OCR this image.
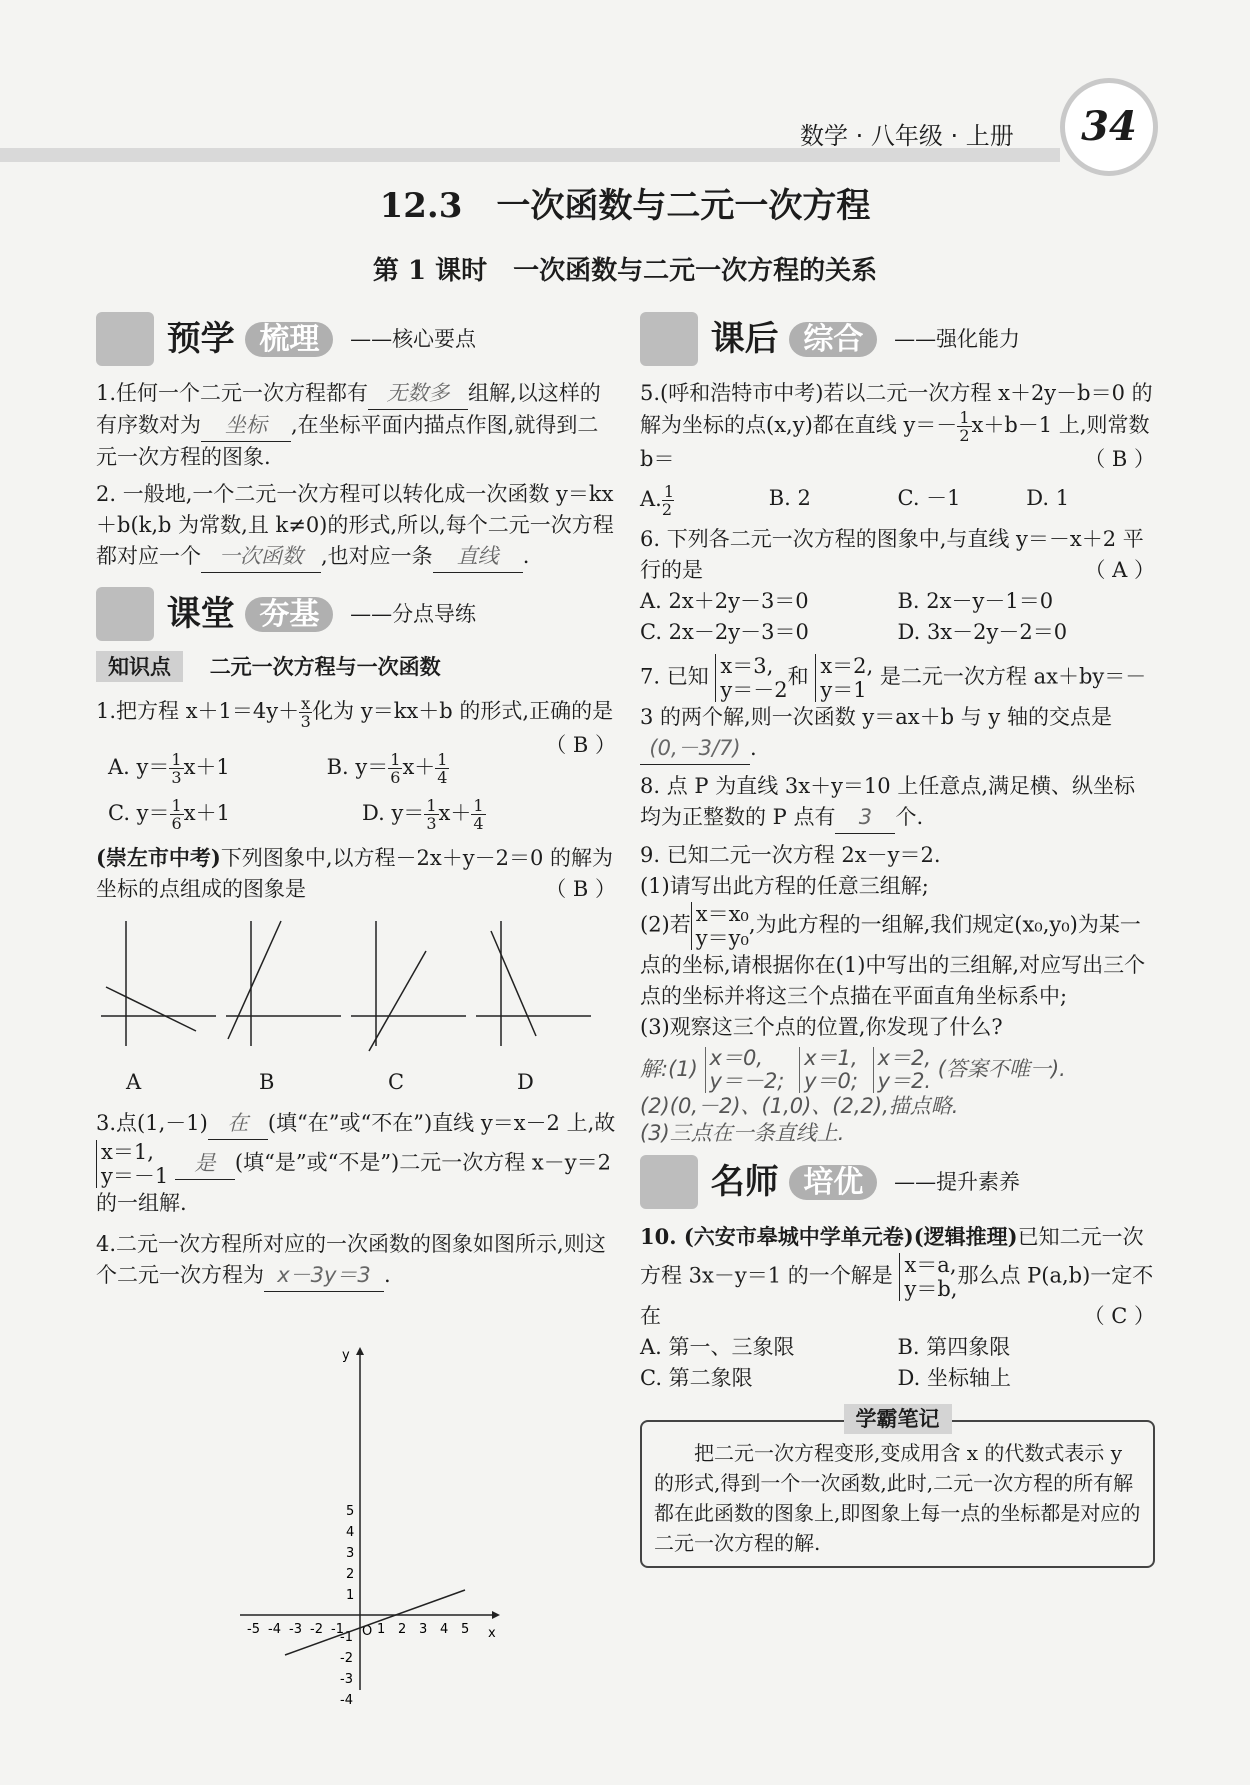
数学 · 八年级 · 上册	34
12.3　一次函数与二元一次方程
第 1 课时　一次函数与二元一次方程的关系
预学 梳理 ——核心要点
1.任何一个二元一次方程都有 无数多 组解,以这样的有序数对为 坐标 ,在坐标平面内描点作图,就得到二元一次方程的图象.
2. 一般地,一个二元一次方程可以转化成一次函数 y＝kx＋b(k,b 为常数,且 k≠0)的形式,所以,每个二元一次方程都对应一个 一次函数 ,也对应一条 直线 .
课堂 夯基 ——分点导练
知识点 二元一次方程与一次函数
1.把方程 $x+1=4y+ \frac{x}{3}$ 化为 y＝kx＋b 的形式,正确的是
（ B ）
A. $y= \frac{1}{3} x+1$	B. $y= \frac{1}{6} x+ \frac{1}{4}$
C. $y= \frac{1}{6} x+1$	D. $y= \frac{1}{3} x+ \frac{1}{4}$
(崇左市中考)下列图象中,以方程－2x＋y－2＝0 的解为坐标的点组成的图象是	（ B ）
A	B	C	D
3.点(1,－1) 在 (填“在”或“不在”)直线 y＝x－2 上,故
x＝1,
y＝－1
是 (填“是”或“不是”)二元一次方程 x－y＝2 的一组解.
4.二元一次方程所对应的一次函数的图象如图所示,则这个二元一次方程为 x－3y＝3 .
x
y
O 1 2 3 4 5
-1
-2
-3
-4
-5
1
2
3
4
5
-1
-2
-3
-4
课后 综合 ——强化能力
5.(呼和浩特市中考)若以二元一次方程 x＋2y－b＝0 的解为坐标的点(x,y)都在直线 $y=- \frac{1}{2} x+b-1$ 上,则常数 b＝	（ B ）
A. $\frac{1}{2}$	B. 2	C. －1	D. 1
6. 下列各二元一次方程的图象中,与直线 y＝－x＋2 平行的是	（ A ）
A. 2x＋2y－3＝0	B. 2x－y－1＝0
C. 2x－2y－3＝0	D. 3x－2y－2＝0
7. 已知 x＝3,
y＝－2
和 x＝2,
y＝1
是二元一次方程 ax＋by＝－3 的两个解,则一次函数 y＝ax＋b 与 y 轴的交点是(0,－3/7) .
8. 点 P 为直线 3x＋y＝10 上任意点,满足横、纵坐标均为正整数的 P 点有 3 个.
9. 已知二元一次方程 2x－y＝2.
(1)请写出此方程的任意三组解;
(2)若 x＝x₀
y＝y₀
,为此方程的一组解,我们规定(x₀,y₀)为某一点的坐标,请根据你在(1)中写出的三组解,对应写出三个点的坐标并将这三个点描在平面直角坐标系中;
(3)观察这三个点的位置,你发现了什么?
解:(1) x＝0,
y＝－2;

x＝1,
y＝0;

x＝2,
y＝2. (答案不唯一).
(2)(0,－2)、(1,0)、(2,2),描点略.
(3)三点在一条直线上.
名师 培优 ——提升素养
10. (六安市皋城中学单元卷)(逻辑推理)已知二元一次方程 3x－y＝1 的一个解是 x＝a,
y＝b,
那么点 P(a,b)一定不在	（ C ）
A. 第一、三象限	B. 第四象限
C. 第二象限	D. 坐标轴上
学霸笔记
把二元一次方程变形,变成用含 x 的代数式表示 y 的形式,得到一个一次函数,此时,二元一次方程的所有解都在此函数的图象上,即图象上每一点的坐标都是对应的二元一次方程的解.
